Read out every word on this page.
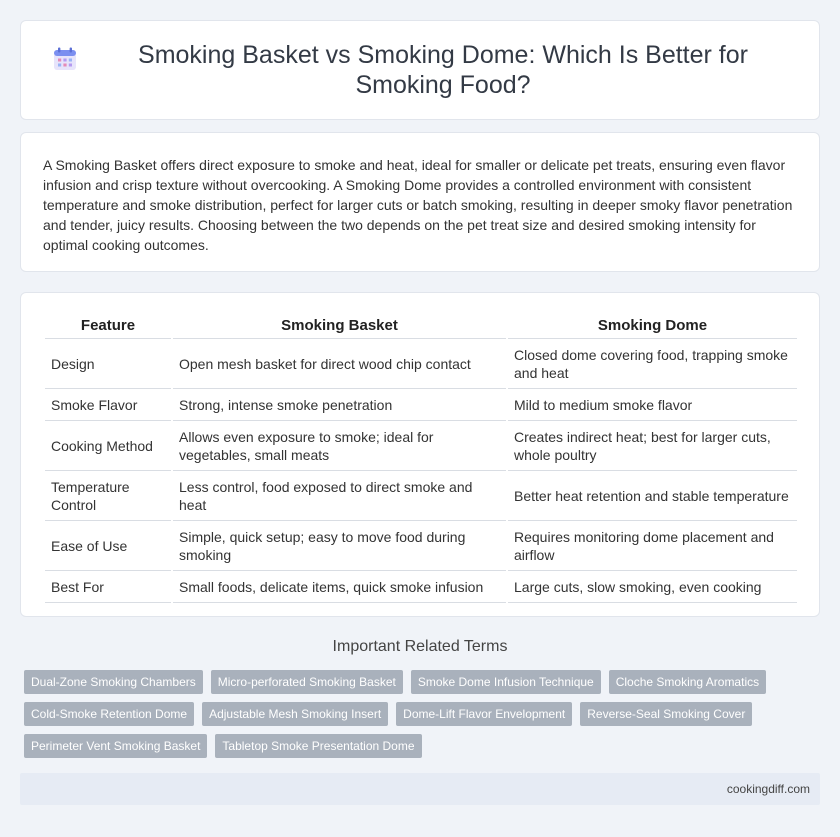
Smoking Basket vs Smoking Dome: Which Is Better for Smoking Food?

A Smoking Basket offers direct exposure to smoke and heat, ideal for smaller or delicate pet treats, ensuring even flavor infusion and crisp texture without overcooking. A Smoking Dome provides a controlled environment with consistent temperature and smoke distribution, perfect for larger cuts or batch smoking, resulting in deeper smoky flavor penetration and tender, juicy results. Choosing between the two depends on the pet treat size and desired smoking intensity for optimal cooking outcomes.

Feature	Smoking Basket	Smoking Dome
Design	Open mesh basket for direct wood chip contact	Closed dome covering food, trapping smoke and heat
Smoke Flavor	Strong, intense smoke penetration	Mild to medium smoke flavor
Cooking Method	Allows even exposure to smoke; ideal for vegetables, small meats	Creates indirect heat; best for larger cuts, whole poultry
Temperature Control	Less control, food exposed to direct smoke and heat	Better heat retention and stable temperature
Ease of Use	Simple, quick setup; easy to move food during smoking	Requires monitoring dome placement and airflow
Best For	Small foods, delicate items, quick smoke infusion	Large cuts, slow smoking, even cooking
Important Related Terms
Dual-Zone Smoking Chambers	Micro-perforated Smoking Basket	Smoke Dome Infusion Technique	Cloche Smoking Aromatics
Cold-Smoke Retention Dome	Adjustable Mesh Smoking Insert	Dome-Lift Flavor Envelopment	Reverse-Seal Smoking Cover
Perimeter Vent Smoking Basket	Tabletop Smoke Presentation Dome
cookingdiff.com
